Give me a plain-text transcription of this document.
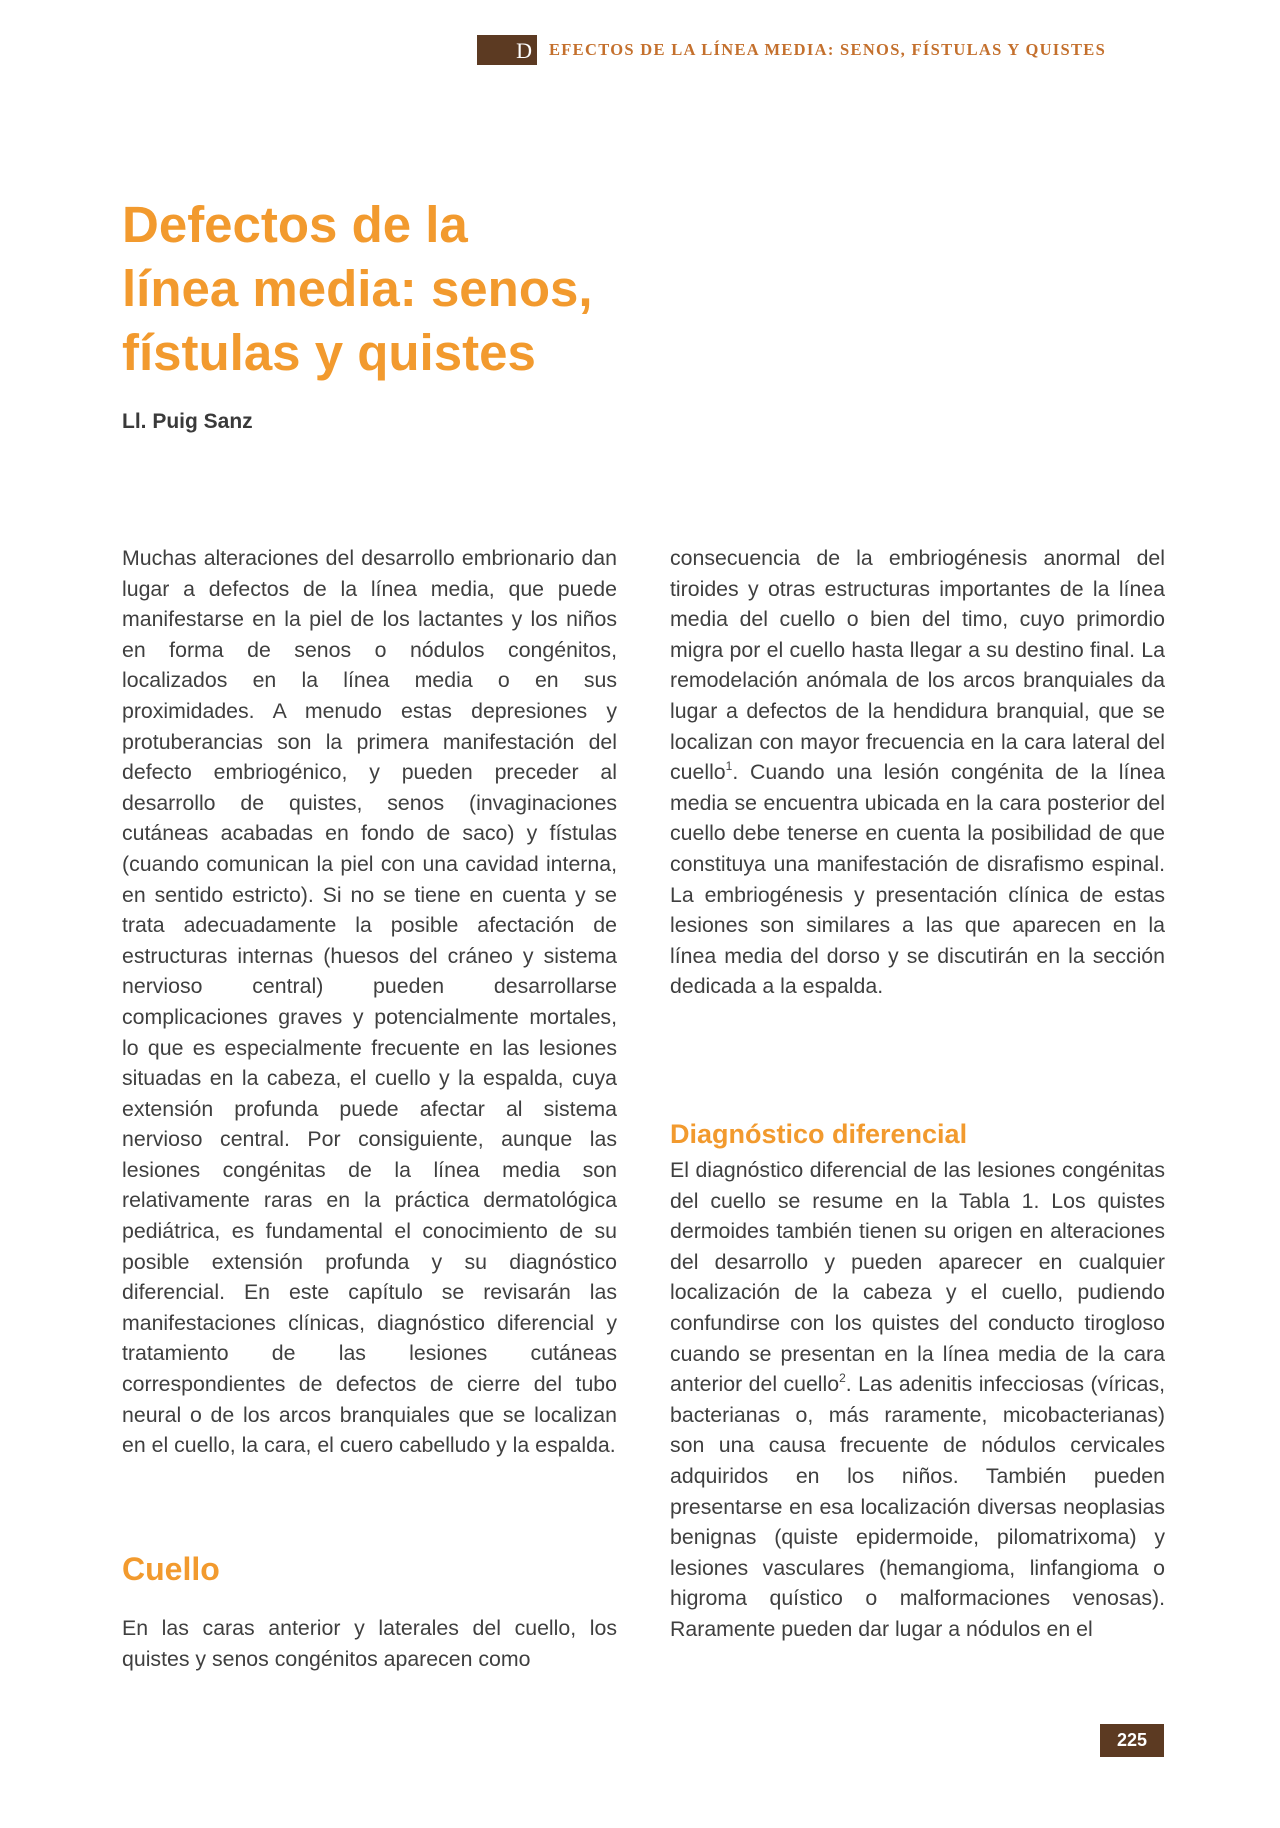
D EFECTOS DE LA LÍNEA MEDIA: SENOS, FÍSTULAS Y QUISTES
Defectos de la
línea media: senos,
fístulas y quistes
Ll. Puig Sanz

Muchas alteraciones del desarrollo embrionario dan lugar a defectos de la línea media, que puede manifestarse en la piel de los lactantes y los niños en forma de senos o nódulos congénitos, localizados en la línea media o en sus proximidades. A menudo estas depresiones y protuberancias son la primera manifestación del defecto embriogénico, y pueden preceder al desarrollo de quistes, senos (invaginaciones cutáneas acabadas en fondo de saco) y fístulas (cuando comunican la piel con una cavidad interna, en sentido estricto). Si no se tiene en cuenta y se trata adecuadamente la posible afectación de estructuras internas (huesos del cráneo y sistema nervioso central) pueden desarrollarse complicaciones graves y potencialmente mortales, lo que es especialmente frecuente en las lesiones situadas en la cabeza, el cuello y la espalda, cuya extensión profunda puede afectar al sistema nervioso central. Por consiguiente, aunque las lesiones congénitas de la línea media son relativamente raras en la práctica dermatológica pediátrica, es fundamental el conocimiento de su posible extensión profunda y su diagnóstico diferencial. En este capítulo se revisarán las manifestaciones clínicas, diagnóstico diferencial y tratamiento de las lesiones cutáneas correspondientes de defectos de cierre del tubo neural o de los arcos branquiales que se localizan en el cuello, la cara, el cuero cabelludo y la espalda.

Cuello

En las caras anterior y laterales del cuello, los quistes y senos congénitos aparecen como

consecuencia de la embriogénesis anormal del tiroides y otras estructuras importantes de la línea media del cuello o bien del timo, cuyo primordio migra por el cuello hasta llegar a su destino final. La remodelación anómala de los arcos branquiales da lugar a defectos de la hendidura branquial, que se localizan con mayor frecuencia en la cara lateral del cuello$^1$. Cuando una lesión congénita de la línea media se encuentra ubicada en la cara posterior del cuello debe tenerse en cuenta la posibilidad de que constituya una manifestación de disrafismo espinal. La embriogénesis y presentación clínica de estas lesiones son similares a las que aparecen en la línea media del dorso y se discutirán en la sección dedicada a la espalda.

Diagnóstico diferencial

El diagnóstico diferencial de las lesiones congénitas del cuello se resume en la Tabla 1. Los quistes dermoides también tienen su origen en alteraciones del desarrollo y pueden aparecer en cualquier localización de la cabeza y el cuello, pudiendo confundirse con los quistes del conducto tirogloso cuando se presentan en la línea media de la cara anterior del cuello$^2$. Las adenitis infecciosas (víricas, bacterianas o, más raramente, micobacterianas) son una causa frecuente de nódulos cervicales adquiridos en los niños. También pueden presentarse en esa localización diversas neoplasias benignas (quiste epidermoide, pilomatrixoma) y lesiones vasculares (hemangioma, linfangioma o higroma quístico o malformaciones venosas). Raramente pueden dar lugar a nódulos en el

225
